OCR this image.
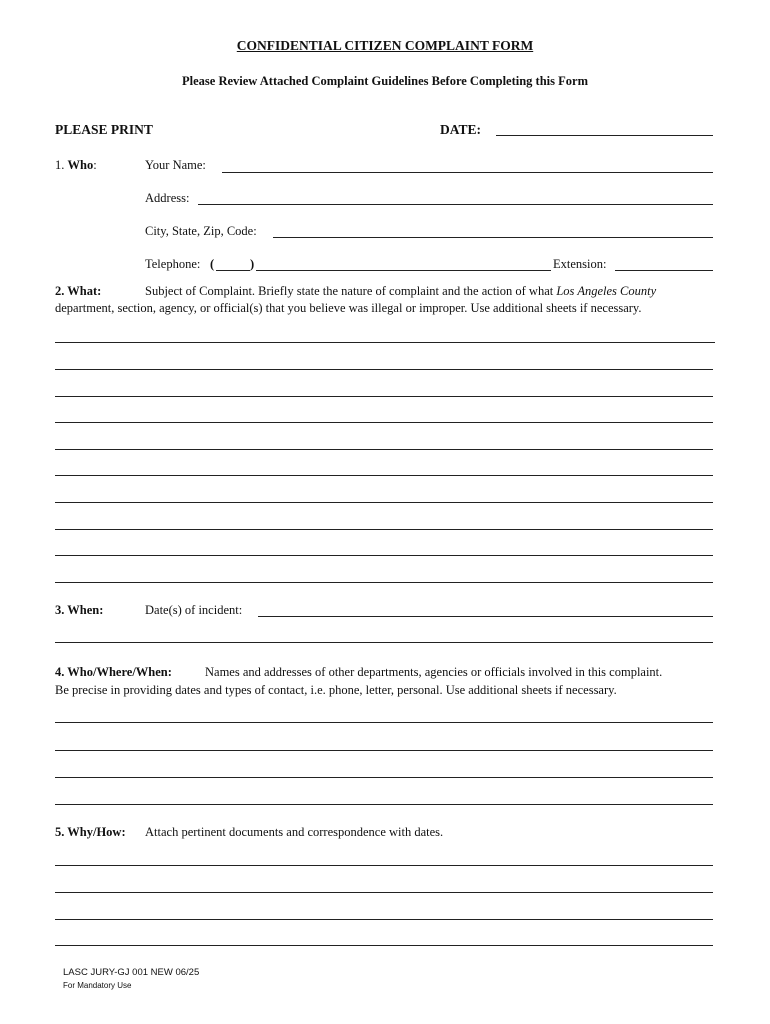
CONFIDENTIAL CITIZEN COMPLAINT FORM
Please Review Attached Complaint Guidelines Before Completing this Form
PLEASE PRINT	DATE:
1. Who:	Your Name:
Address:
City, State, Zip, Code:
Telephone: (	)	Extension:
2. What:	Subject of Complaint. Briefly state the nature of complaint and the action of what Los Angeles County
department, section, agency, or official(s) that you believe was illegal or improper. Use additional sheets if necessary.
3. When:	Date(s) of incident:
4. Who/Where/When:	Names and addresses of other departments, agencies or officials involved in this complaint.
Be precise in providing dates and types of contact, i.e. phone, letter, personal. Use additional sheets if necessary.
5. Why/How: Attach pertinent documents and correspondence with dates.
LASC JURY-GJ 001 NEW 06/25
For Mandatory Use
